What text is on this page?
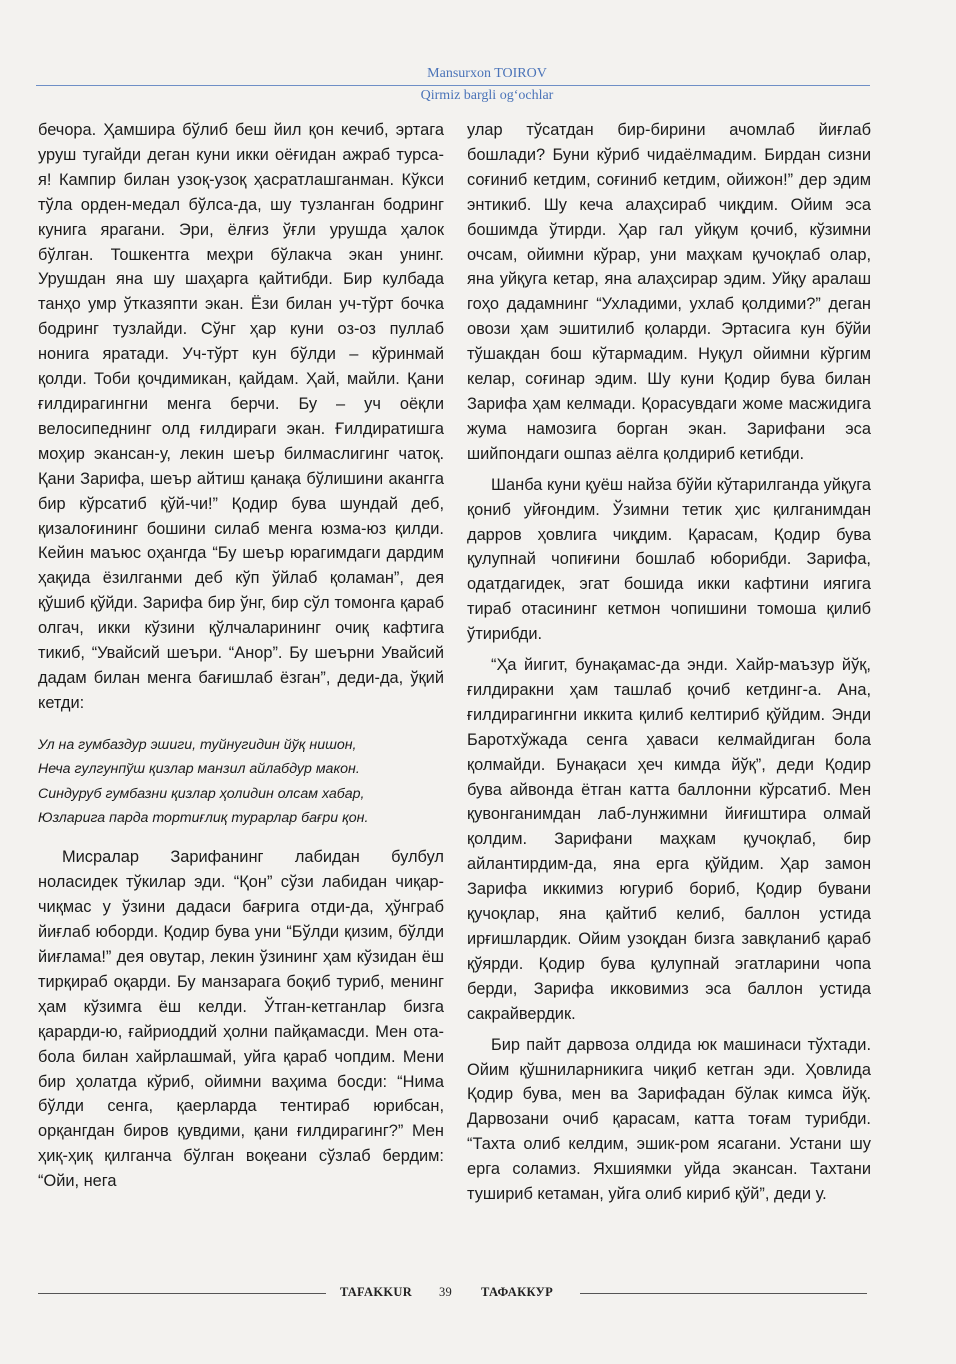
Mansurxon TOIROV
Qirmiz bargli og‘ochlar

бечора. Ҳамшира бўлиб беш йил қон кечиб, эртага уруш тугайди деган куни икки оёғидан ажраб турса-я! Кампир билан узоқ-узоқ ҳасратлашганман. Кўкси тўла орден-медал бўлса-да, шу тузланган бодринг кунига ярагани. Эри, ёлғиз ўғли урушда ҳалок бўлган. Тошкентга меҳри бўлакча экан унинг. Урушдан яна шу шаҳарга қайтибди. Бир кулбада танҳо умр ўтказяпти экан. Ёзи билан уч-тўрт бочка бодринг тузлайди. Сўнг ҳар куни оз-оз пуллаб нонига яратади. Уч-тўрт кун бўлди – кўринмай қолди. Тоби қочдимикан, қайдам. Ҳай, майли. Қани ғилдирагингни менга берчи. Бу – уч оёқли велосипеднинг олд ғилдираги экан. Ғилдиратишга моҳир экансан-у, лекин шеър билмаслигинг чатоқ. Қани Зарифа, шеър айтиш қанақа бўлишини акангга бир кўрсатиб қўй-чи!” Қодир бува шундай деб, қизалоғининг бошини силаб менга юзма-юз қилди. Кейин маъюс оҳангда “Бу шеър юрагимдаги дардим ҳақида ёзилганми деб кўп ўйлаб қоламан”, дея қўшиб қўйди. Зарифа бир ўнг, бир сўл томонга қараб олгач, икки кўзини қўлчаларининг очиқ кафтига тикиб, “Увайсий шеъри. “Анор”. Бу шеърни Увайсий дадам билан менга бағишлаб ёзган”, деди-да, ўқий кетди:

Ул на гумбаздур эшиги, туйнугидин йўқ нишон,
Неча гулгунпўш қизлар манзил айлабдур макон.
Синдуруб гумбазни қизлар ҳолидин олсам хабар,
Юзларига парда тортиғлиқ турарлар бағри қон.

Мисралар Зарифанинг лабидан булбул ноласидек тўкилар эди. “Қон” сўзи лабидан чиқар-чиқмас у ўзини дадаси бағрига отди-да, ҳўнграб йиғлаб юборди. Қодир бува уни “Бўлди қизим, бўлди йиғлама!” дея овутар, лекин ўзининг ҳам кўзидан ёш тирқираб оқарди. Бу манзарага боқиб туриб, менинг ҳам кўзимга ёш келди. Ўтган-кетганлар бизга қарарди-ю, ғайриоддий ҳолни пайқамасди. Мен ота-бола билан хайрлашмай, уйга қараб чопдим. Мени бир ҳолатда кўриб, ойимни ваҳима босди: “Нима бўлди сенга, қаерларда тентираб юрибсан, орқангдан биров қувдими, қани ғилдирагинг?” Мен ҳиқ-ҳиқ қилганча бўлган воқеани сўзлаб бердим: “Ойи, нега

улар тўсатдан бир-бирини ачомлаб йиғлаб бошлади? Буни кўриб чидаёлмадим. Бирдан сизни соғиниб кетдим, соғиниб кетдим, ойижон!” дер эдим энтикиб. Шу кеча алаҳсираб чиқдим. Ойим эса бошимда ўтирди. Ҳар гал уйқум қочиб, кўзимни очсам, ойимни кўрар, уни маҳкам қучоқлаб олар, яна уйқуга кетар, яна алаҳсирар эдим. Уйқу аралаш гоҳо дадамнинг “Ухладими, ухлаб қолдими?” деган овози ҳам эшитилиб қоларди. Эртасига кун бўйи тўшакдан бош кўтармадим. Нуқул ойимни кўргим келар, соғинар эдим. Шу куни Қодир бува билан Зарифа ҳам келмади. Қорасувдаги жоме масжидига жума намозига борган экан. Зарифани эса шийпондаги ошпаз аёлга қолдириб кетибди.

Шанба куни қуёш найза бўйи кўтарилганда уйқуга қониб уйғондим. Ўзимни тетик ҳис қилганимдан дарров ҳовлига чиқдим. Қарасам, Қодир бува қулупнай чопиғини бошлаб юборибди. Зарифа, одатдагидек, эгат бошида икки кафтини иягига тираб отасининг кетмон чопишини томоша қилиб ўтирибди.

“Ҳа йигит, бунақамас-да энди. Хайр-маъзур йўқ, ғилдиракни ҳам ташлаб қочиб кетдинг-а. Ана, ғилдирагингни иккита қилиб келтириб қўйдим. Энди Баротхўжада сенга ҳаваси келмайдиган бола қолмайди. Бунақаси ҳеч кимда йўқ”, деди Қодир бува айвонда ётган катта баллонни кўрсатиб. Мен қувонганимдан лаб-лунжимни йиғиштира олмай қолдим. Зарифани маҳкам қучоқлаб, бир айлантирдим-да, яна ерга қўйдим. Ҳар замон Зарифа иккимиз югуриб бориб, Қодир бувани қучоқлар, яна қайтиб келиб, баллон устида ирғишлардик. Ойим узоқдан бизга завқланиб қараб қўярди. Қодир бува қулупнай эгатларини чопа берди, Зарифа икковимиз эса баллон устида сакрайвердик.

Бир пайт дарвоза олдида юк машинаси тўхтади. Ойим қўшниларникига чиқиб кетган эди. Ҳовлида Қодир бува, мен ва Зарифадан бўлак кимса йўқ. Дарвозани очиб қарасам, катта тоғам турибди. “Тахта олиб келдим, эшик-ром ясагани. Устани шу ерга соламиз. Яхшиямки уйда экансан. Тахтани тушириб кетаман, уйга олиб кириб қўй”, деди у.

TAFAKKUR 39 ТАФАККУР
